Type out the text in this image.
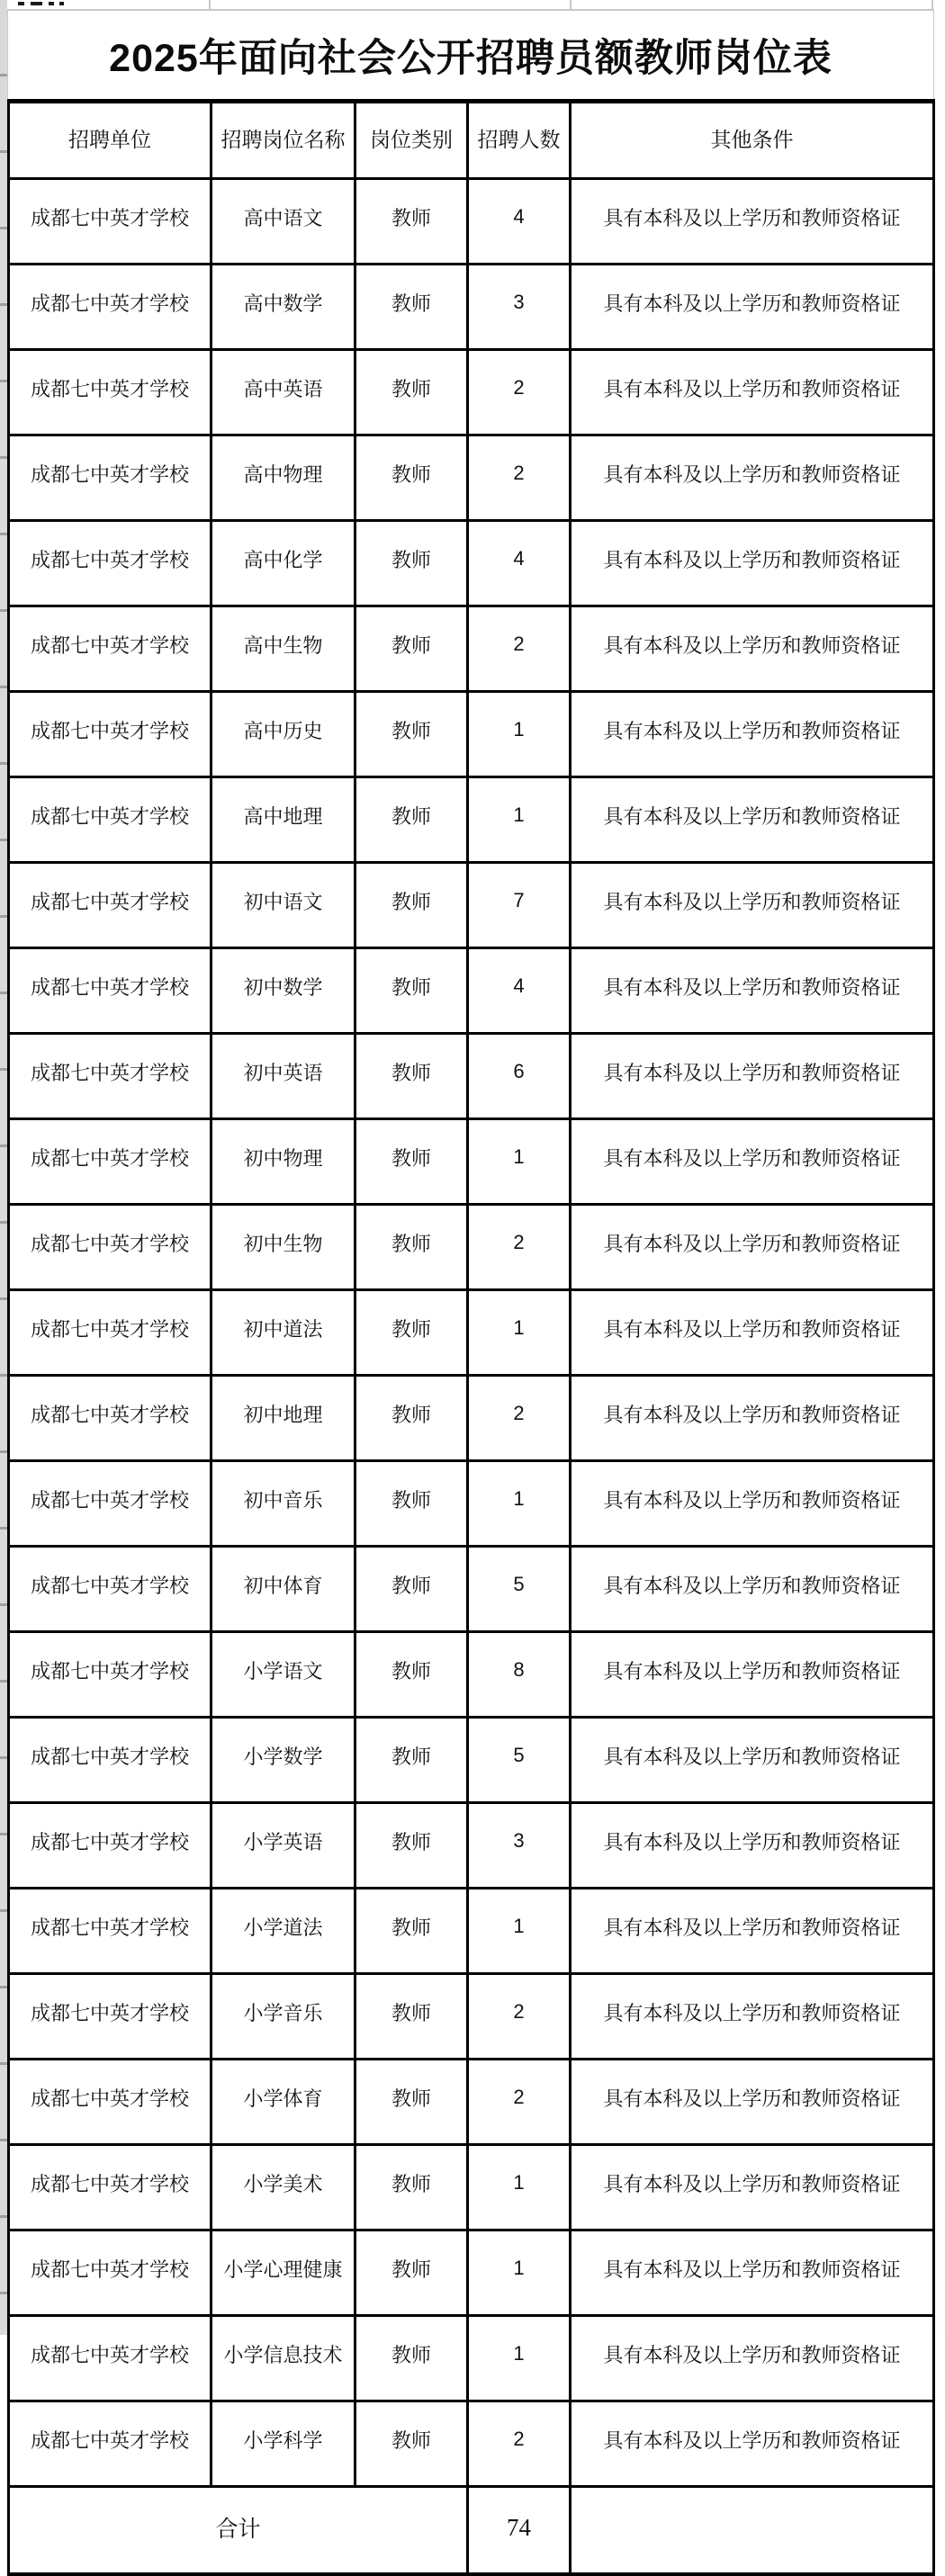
2025年面向社会公开招聘员额教师岗位表
招聘单位	招聘岗位名称	岗位类别	招聘人数	其他条件
成都七中英才学校	高中语文	教师	4	具有本科及以上学历和教师资格证
成都七中英才学校	高中数学	教师	3	具有本科及以上学历和教师资格证
成都七中英才学校	高中英语	教师	2	具有本科及以上学历和教师资格证
成都七中英才学校	高中物理	教师	2	具有本科及以上学历和教师资格证
成都七中英才学校	高中化学	教师	4	具有本科及以上学历和教师资格证
成都七中英才学校	高中生物	教师	2	具有本科及以上学历和教师资格证
成都七中英才学校	高中历史	教师	1	具有本科及以上学历和教师资格证
成都七中英才学校	高中地理	教师	1	具有本科及以上学历和教师资格证
成都七中英才学校	初中语文	教师	7	具有本科及以上学历和教师资格证
成都七中英才学校	初中数学	教师	4	具有本科及以上学历和教师资格证
成都七中英才学校	初中英语	教师	6	具有本科及以上学历和教师资格证
成都七中英才学校	初中物理	教师	1	具有本科及以上学历和教师资格证
成都七中英才学校	初中生物	教师	2	具有本科及以上学历和教师资格证
成都七中英才学校	初中道法	教师	1	具有本科及以上学历和教师资格证
成都七中英才学校	初中地理	教师	2	具有本科及以上学历和教师资格证
成都七中英才学校	初中音乐	教师	1	具有本科及以上学历和教师资格证
成都七中英才学校	初中体育	教师	5	具有本科及以上学历和教师资格证
成都七中英才学校	小学语文	教师	8	具有本科及以上学历和教师资格证
成都七中英才学校	小学数学	教师	5	具有本科及以上学历和教师资格证
成都七中英才学校	小学英语	教师	3	具有本科及以上学历和教师资格证
成都七中英才学校	小学道法	教师	1	具有本科及以上学历和教师资格证
成都七中英才学校	小学音乐	教师	2	具有本科及以上学历和教师资格证
成都七中英才学校	小学体育	教师	2	具有本科及以上学历和教师资格证
成都七中英才学校	小学美术	教师	1	具有本科及以上学历和教师资格证
成都七中英才学校	小学心理健康	教师	1	具有本科及以上学历和教师资格证
成都七中英才学校	小学信息技术	教师	1	具有本科及以上学历和教师资格证
成都七中英才学校	小学科学	教师	2	具有本科及以上学历和教师资格证
合计			74	
